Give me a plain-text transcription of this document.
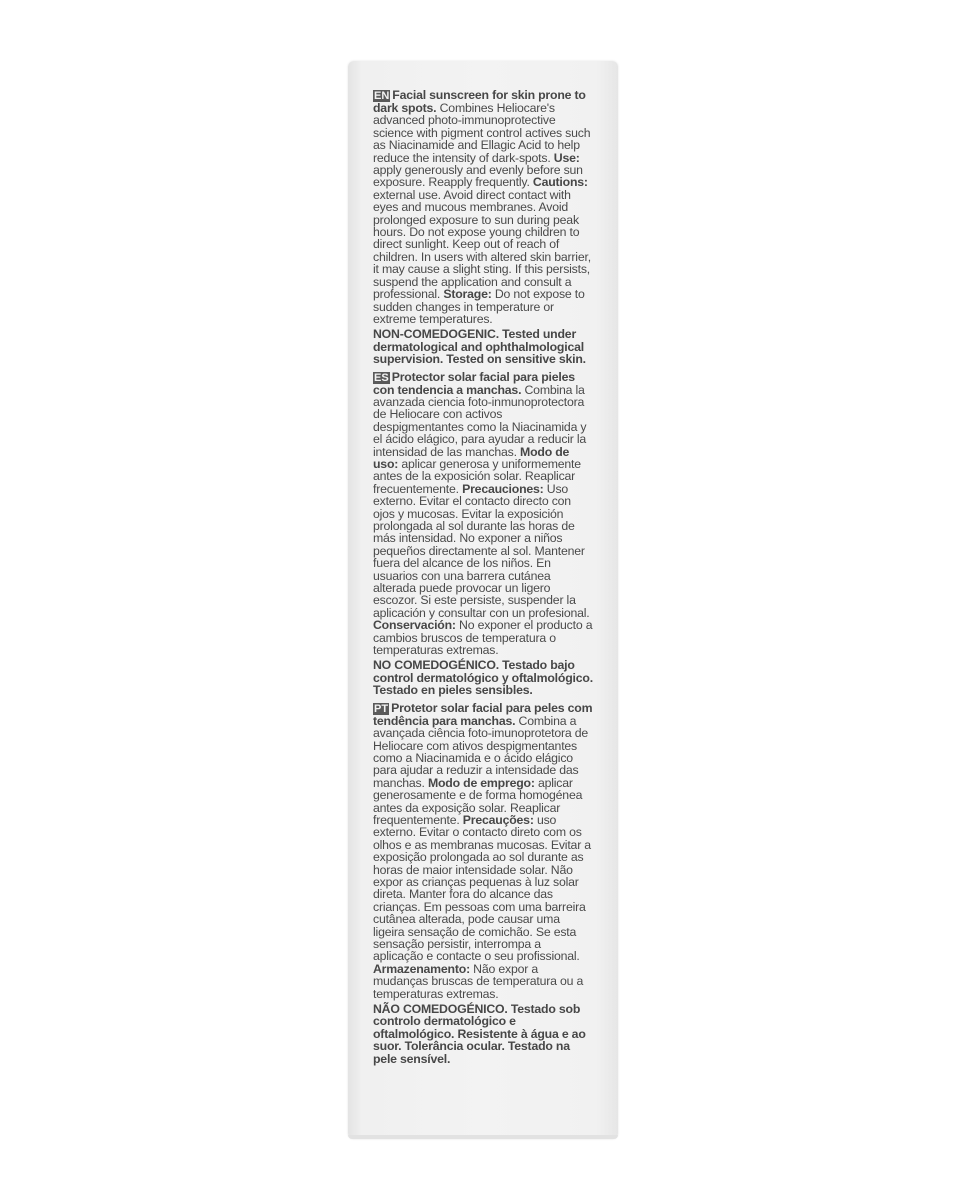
EN Facial sunscreen for skin prone to dark spots. Combines Heliocare's advanced photo-immunoprotective science with pigment control actives such as Niacinamide and Ellagic Acid to help reduce the intensity of dark-spots. Use: apply generously and evenly before sun exposure. Reapply frequently. Cautions: external use. Avoid direct contact with eyes and mucous membranes. Avoid prolonged exposure to sun during peak hours. Do not expose young children to direct sunlight. Keep out of reach of children. In users with altered skin barrier, it may cause a slight sting. If this persists, suspend the application and consult a professional. Storage: Do not expose to sudden changes in temperature or extreme temperatures.

NON-COMEDOGENIC. Tested under dermatological and ophthalmological supervision. Tested on sensitive skin.

ES Protector solar facial para pieles con tendencia a manchas. Combina la avanzada ciencia foto-inmunoprotectora de Heliocare con activos despigmentantes como la Niacinamida y el ácido elágico, para ayudar a reducir la intensidad de las manchas. Modo de uso: aplicar generosa y uniformemente antes de la exposición solar. Reaplicar frecuentemente. Precauciones: Uso externo. Evitar el contacto directo con ojos y mucosas. Evitar la exposición prolongada al sol durante las horas de más intensidad. No exponer a niños pequeños directamente al sol. Mantener fuera del alcance de los niños. En usuarios con una barrera cutánea alterada puede provocar un ligero escozor. Si este persiste, suspender la aplicación y consultar con un profesional. Conservación: No exponer el producto a cambios bruscos de temperatura o temperaturas extremas.

NO COMEDOGÉNICO. Testado bajo control dermatológico y oftalmológico. Testado en pieles sensibles.

PT Protetor solar facial para peles com tendência para manchas. Combina a avançada ciência foto-imunoprotetora de Heliocare com ativos despigmentantes como a Niacinamida e o ácido elágico para ajudar a reduzir a intensidade das manchas. Modo de emprego: aplicar generosamente e de forma homogénea antes da exposição solar. Reaplicar frequentemente. Precauções: uso externo. Evitar o contacto direto com os olhos e as membranas mucosas. Evitar a exposição prolongada ao sol durante as horas de maior intensidade solar. Não expor as crianças pequenas à luz solar direta. Manter fora do alcance das crianças. Em pessoas com uma barreira cutânea alterada, pode causar uma ligeira sensação de comichão. Se esta sensação persistir, interrompa a aplicação e contacte o seu profissional. Armazenamento: Não expor a mudanças bruscas de temperatura ou a temperaturas extremas.

NÃO COMEDOGÉNICO. Testado sob controlo dermatológico e oftalmológico. Resistente à água e ao suor. Tolerância ocular. Testado na pele sensível.
